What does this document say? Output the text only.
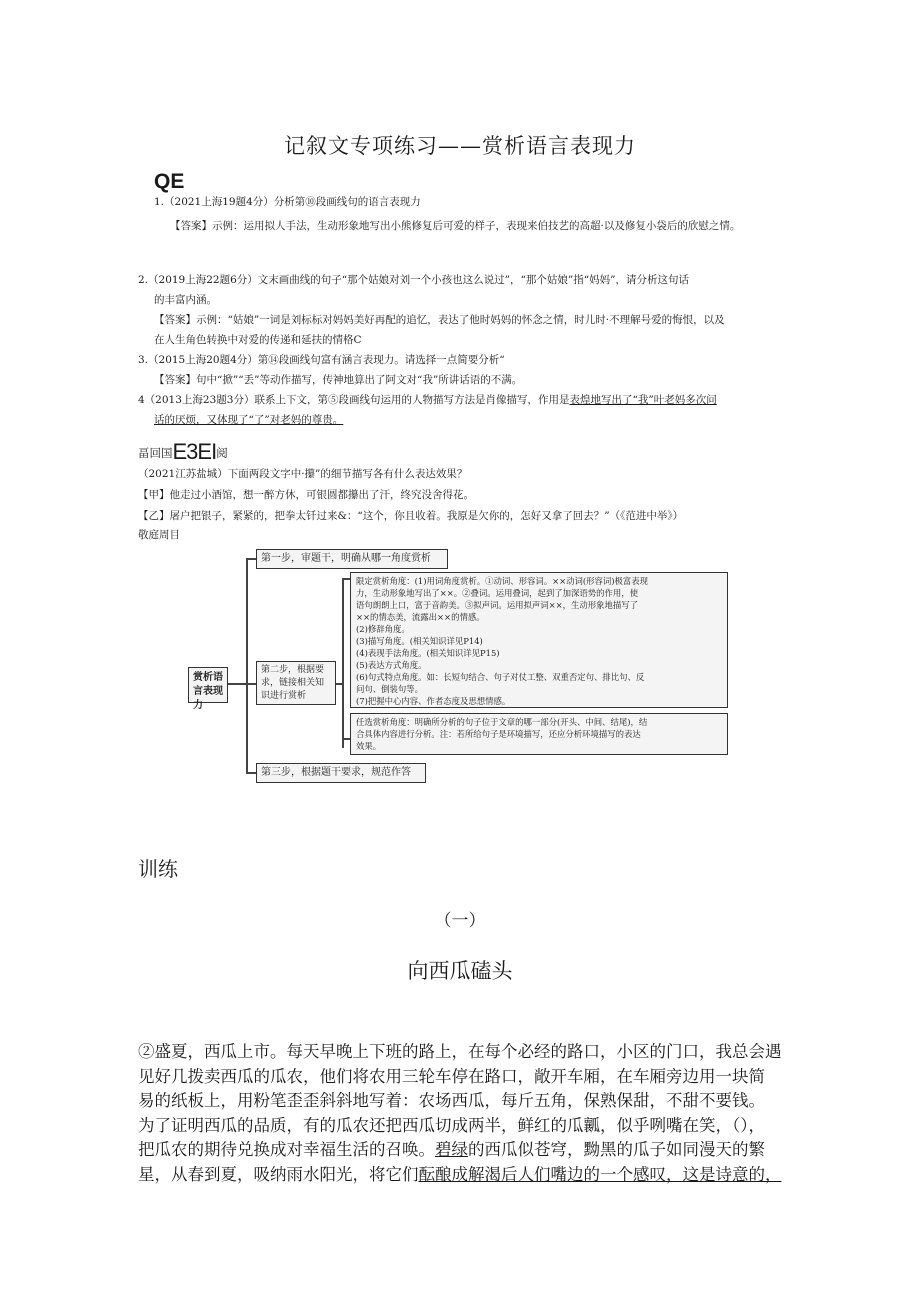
记叙文专项练习——赏析语言表现力
QE
1.（2021上海19题4分）分析第⑩段画线句的语言表现力
【答案】示例：运用拟人手法，生动形象地写出小熊修复后可爱的样子，表现来伯技艺的高超·以及修复小袋后的欣慰之情。
2.（2019上海22题6分）文末画曲线的句子“那个姑娘对刘一个小孩也这么说过”，“那个姑娘”指“妈妈”，请分析这句话
的丰富内涵。
【答案】示例：“姑娘”一词是刘标标对妈妈美好再配的追忆，表达了他时妈妈的怀念之情，时儿时·不理解号爱的悔恨，以及
在人生角色转换中对爱的传递和延扶的情格C
3.（2015上海20题4分）第⑭段画线句富有涵言表现力。请选择一点简要分析“
【答案】句中“掀”“丢”等动作描写，传神地算出了阿文对“我”所讲话语的不满。
4（2013上海23题3分）联系上下文，第⑤段画线句运用的人物描写方法是肖像描写，作用是表煌地写出了“我”叶老妈多次问
话的厌烦，又体现了“了”对老妈的尊贵。
畐回国E3EI阅
（2021江苏盐城）下面两段文字中·攥”的细节描写各有什么表达效果？
【甲】他走过小酒馆，想一醉方休，可银圆都攥出了汗，终究没舍得花。
【乙】屠户把银子，紧紧的，把拳太钎过来&：“这个，你且收着。我原是欠你的，怎好又拿了回去？”（《范进中举》）
敬庭周目
赏析语言表现力
第一步，审题干，明确从哪一角度赏析
第二步，根据要求，链接相关知识进行赏析
第三步，根据题干要求，规范作答
限定赏析角度：(1)用词角度赏析。①动词、形容词。××动词(形容词)极富表现
力，生动形象地写出了××。②叠词。运用叠词，起到了加深语势的作用，使
语句朗朗上口，富于音韵美。③拟声词。运用拟声词××，生动形象地描写了
××的情态美，流露出××的情感。
(2)修辞角度。
(3)描写角度。(相关知识详见P14)
(4)表现手法角度。(相关知识详见P15)
(5)表达方式角度。
(6)句式特点角度。如：长短句结合、句子对仗工整、双重否定句、排比句、反
问句、倒装句等。
(7)把握中心内容、作者态度及思想情感。
任选赏析角度：明确所分析的句子位于文章的哪一部分(开头、中间、结尾)，结
合具体内容进行分析。注：若所给句子是环境描写，还应分析环境描写的表达
效果。
训练
（一）
向西瓜磕头
②盛夏，西瓜上市。每天早晚上下班的路上，在每个必经的路口，小区的门口，我总会遇
见好几拨卖西瓜的瓜农，他们将农用三轮车停在路口，敞开车厢，在车厢旁边用一块简
易的纸板上，用粉笔歪歪斜斜地写着：农场西瓜，每斤五角，保熟保甜，不甜不要钱。
为了证明西瓜的品质，有的瓜农还把西瓜切成两半，鲜红的瓜瓤，似乎咧嘴在笑，（），
把瓜农的期待兑换成对幸福生活的召唤。碧绿的西瓜似苍穹，黝黑的瓜子如同漫天的繁
星，从春到夏，吸纳雨水阳光，将它们酝酿成解渴后人们嘴边的一个感叹，这是诗意的，
